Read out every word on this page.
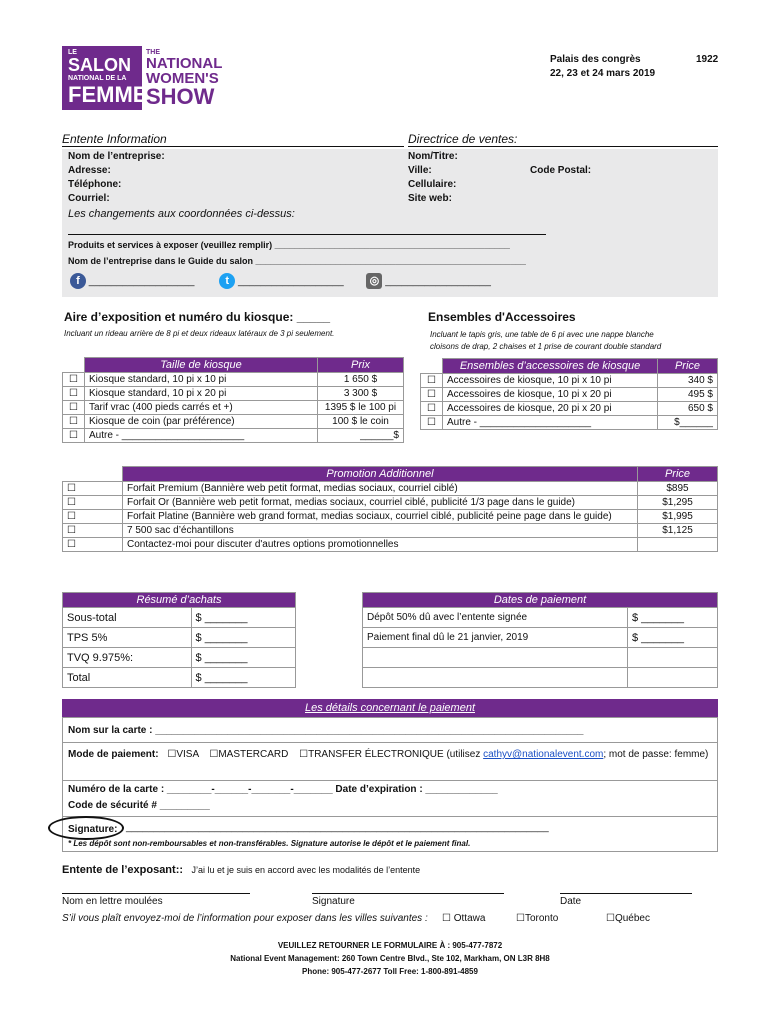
LE
SALON
NATIONAL DE LA
FEMME
THE
NATIONAL
WOMEN'S
SHOW
Palais des congrès
22, 23 et 24 mars 2019
1922
Entente Information	Directrice de ventes:
Nom de l’entreprise:
Adresse:
Téléphone:
Courriel:
Nom/Titre:
Ville:	Code Postal:
Cellulaire:
Site web:
Les changements aux coordonnées ci-dessus:
Produits et services à exposer (veuillez remplir) _______________________________________________
Nom de l’entreprise dans le Guide du salon ______________________________________________________
f ___________________	t ___________________ ◎ ___________________
Aire d’exposition et numéro du kiosque: _____
Incluant un rideau arrière de 8 pi et deux rideaux latéraux de 3 pi seulement.
	Taille de kiosque	Prix
☐	Kiosque standard, 10 pi x 10 pi	1 650 $
☐	Kiosque standard, 10 pi x 20 pi	3 300 $
☐	Tarif vrac (400 pieds carrés et +)	1395 $ le 100 pi
☐	Kiosque de coin (par préférence)	100 $ le coin
☐	Autre - ______________________	______$
Ensembles d'Accessoires
Incluant le tapis gris, une table de 6 pi avec une nappe blanche
cloisons de drap, 2 chaises et 1 prise de courant double standard
	Ensembles d’accessoires de kiosque	Price
☐	Accessoires de kiosque, 10 pi x 10 pi	340 $
☐	Accessoires de kiosque, 10 pi x 20 pi	495 $
☐	Accessoires de kiosque, 20 pi x 20 pi	650 $
☐	Autre - ____________________	$______
	Promotion Additionnel	Price
☐	Forfait Premium (Bannière web petit format, medias sociaux, courriel ciblé)	$895
☐	Forfait Or (Bannière web petit format, medias sociaux, courriel ciblé, publicité 1/3 page dans le guide)	$1,295
☐	Forfait Platine (Bannière web grand format, medias sociaux, courriel ciblé, publicité peine page dans le guide)	$1,995
☐	7 500 sac d’échantillons	$1,125
☐	Contactez-moi pour discuter d'autres options promotionnelles	
Résumé d’achats	
Sous-total	$ _______
TPS 5%	$ _______
TVQ 9.975%:	$ _______
Total	$ _______
Dates de paiement	
Dépôt 50% dû avec l’entente signée	$ _______
Paiement final dû le 21 janvier, 2019	$ _______

Les détails concernant le paiement
Nom sur la carte : _____________________________________________________________________________
Mode de paiement: ☐VISA ☐MASTERCARD ☐TRANSFER ÉLECTRONIQUE (utilisez cathyv@nationalevent.com; mot de passe: femme)
Numéro de la carte : ________-______-_______-_______ Date d’expiration : _____________
Code de sécurité # _________
Signature: ____________________________________________________________________________
* Les dépôt sont non-remboursables et non-transférables. Signature autorise le dépôt et le paiement final.
Entente de l’exposant:: J’ai lu et je suis en accord avec les modalités de l’entente
Nom en lettre moulées	Signature	Date
S’il vous plaît envoyez-moi de l’information pour exposer dans les villes suivantes : ☐ Ottawa	☐Toronto	☐Québec
VEUILLEZ RETOURNER LE FORMULAIRE À : 905-477-7872
National Event Management: 260 Town Centre Blvd., Ste 102, Markham, ON L3R 8H8
Phone: 905-477-2677 Toll Free: 1-800-891-4859
